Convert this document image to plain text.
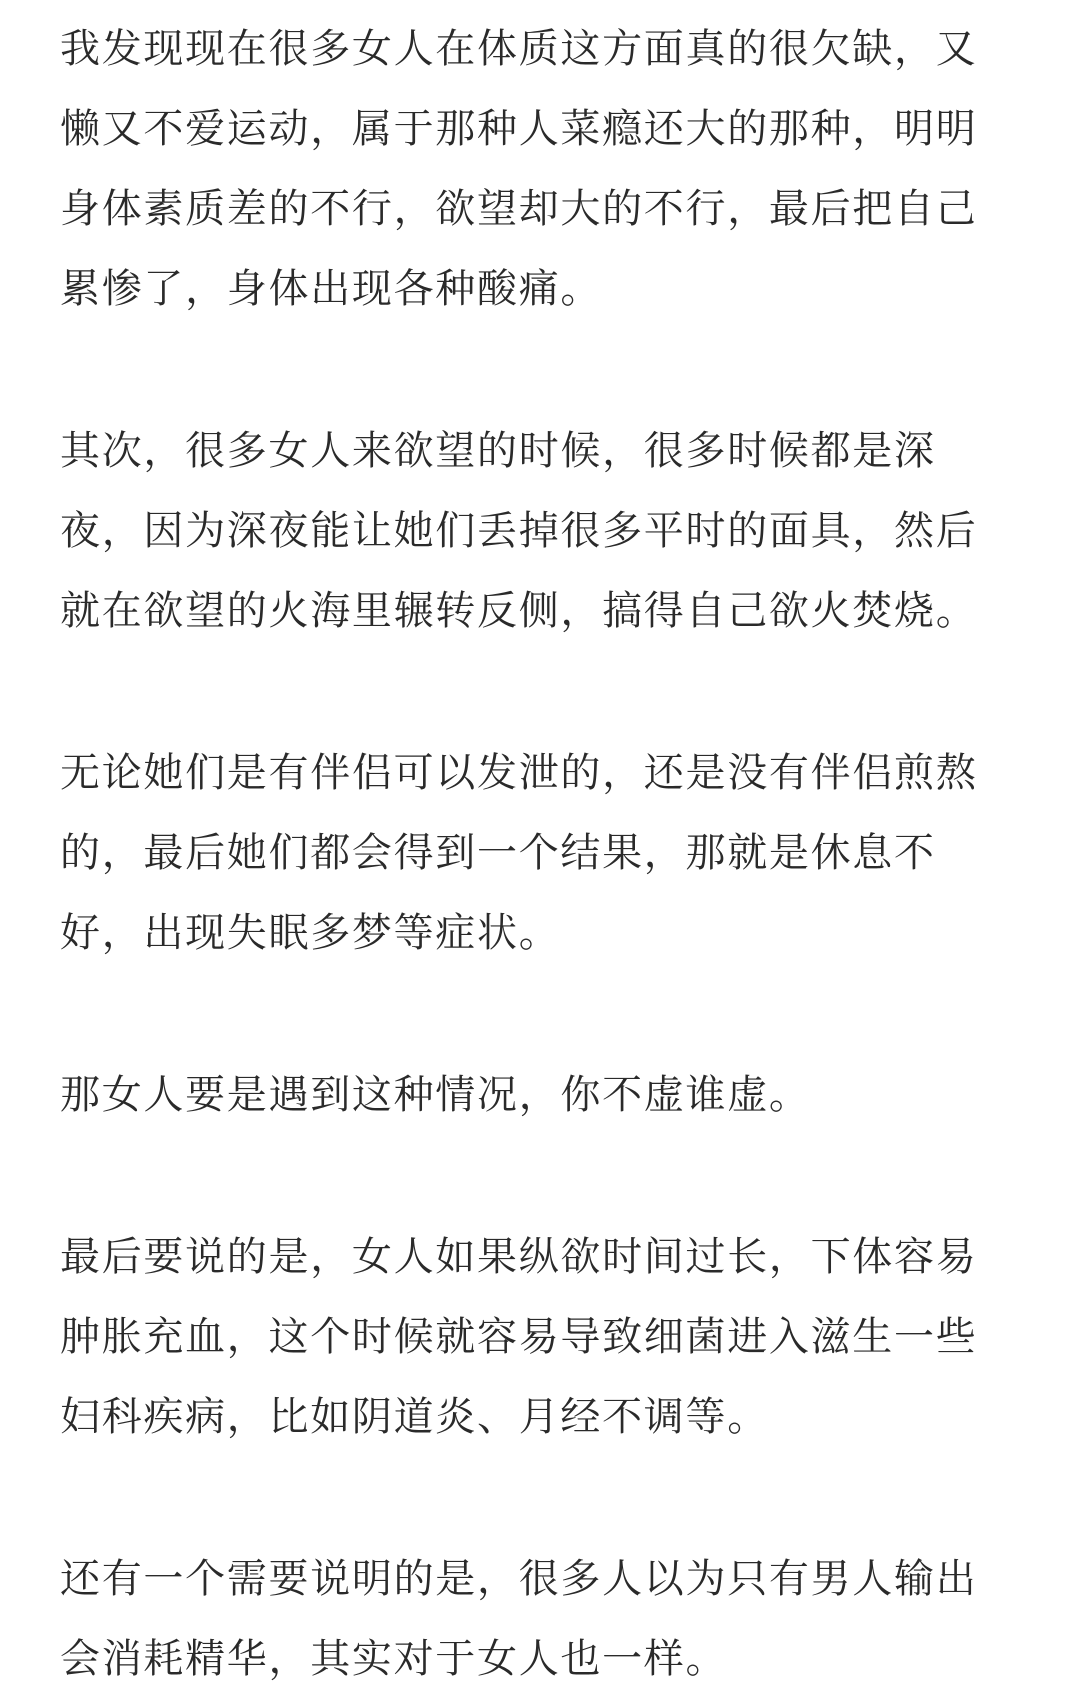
我发现现在很多女人在体质这方面真的很欠缺，又
懒又不爱运动，属于那种人菜瘾还大的那种，明明
身体素质差的不行，欲望却大的不行，最后把自己
累惨了，身体出现各种酸痛。

其次，很多女人来欲望的时候，很多时候都是深
夜，因为深夜能让她们丢掉很多平时的面具，然后
就在欲望的火海里辗转反侧，搞得自己欲火焚烧。

无论她们是有伴侣可以发泄的，还是没有伴侣煎熬
的，最后她们都会得到一个结果，那就是休息不
好，出现失眠多梦等症状。

那女人要是遇到这种情况，你不虚谁虚。

最后要说的是，女人如果纵欲时间过长，下体容易
肿胀充血，这个时候就容易导致细菌进入滋生一些
妇科疾病，比如阴道炎、月经不调等。

还有一个需要说明的是，很多人以为只有男人输出
会消耗精华，其实对于女人也一样。
